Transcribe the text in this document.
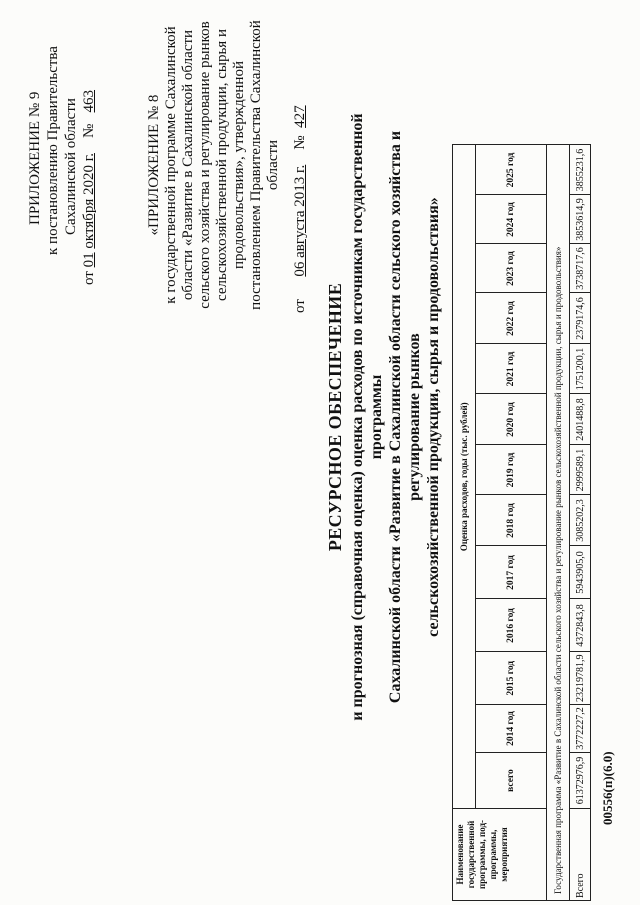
ПРИЛОЖЕНИЕ № 9 к постановлению Правительства Сахалинской области
от 01 октября 2020 г.    №   463	«ПРИЛОЖЕНИЕ № 8 к государственной программе Сахалинской области «Развитие в Сахалинской области сельского хозяйства и регулирование рынков сельскохозяйственной продукции, сырья и продовольствия», утвержденной постановлением Правительства Сахалинской области
от      06 августа 2013 г.    №  427
РЕСУРСНОЕ ОБЕСПЕЧЕНИЕ и прогнозная (справочная оценка) оценка расходов по источникам государственной программы Сахалинской области «Развитие в Сахалинской области сельского хозяйства и регулирование рынков сельскохозяйственной продукции, сырья и продовольствия»
Наименование государственной программы, под-программы, мероприятия	Оценка расходов, годы (тыс. рублей)												
	всего	2014 год	2015 год	2016 год	2017 год	2018 год	2019 год	2020 год	2021 год	2022 год	2023 год	2024 год	2025 год
Государственная программа «Развитие в Сахалинской области сельского хозяйства и регулирование рынков сельскохозяйственной продукции, сырья и продовольствия»													
Всего	61372976,9	3772227,2	23219781,9	4372843,8	5943905,0	3085202,3	2999589,1	2401488,8	1751200,1	2379174,6	3738717,6	3853614,9	3855231,6
00556(п)(6.0)
